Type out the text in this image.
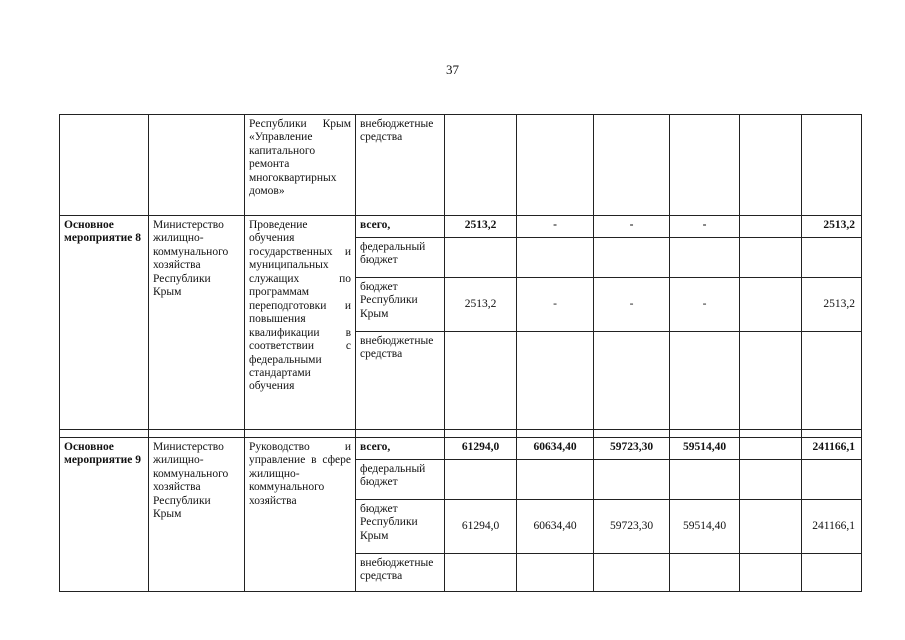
37
		Республики Крым «Управление капитального ремонта многоквартирных домов»	внебюджетные средства						
Основное мероприятие 8	Министерство жилищно-коммунального хозяйства Республики Крым	Проведение обучения государственных и муниципальных служащих по программам переподготовки и повышения квалификации в соответствии с федеральными стандартами обучения	всего,	2513,2	-	-	-		2513,2
			федеральный бюджет						
			бюджет Республики Крым	2513,2	-	-	-		2513,2
			внебюджетные средства						

Основное мероприятие 9	Министерство жилищно-коммунального хозяйства Республики Крым	Руководство и управление в сфере жилищно-коммунального хозяйства	всего,	61294,0	60634,40	59723,30	59514,40		241166,1
			федеральный бюджет						
			бюджет Республики Крым	61294,0	60634,40	59723,30	59514,40		241166,1
			внебюджетные средства						
